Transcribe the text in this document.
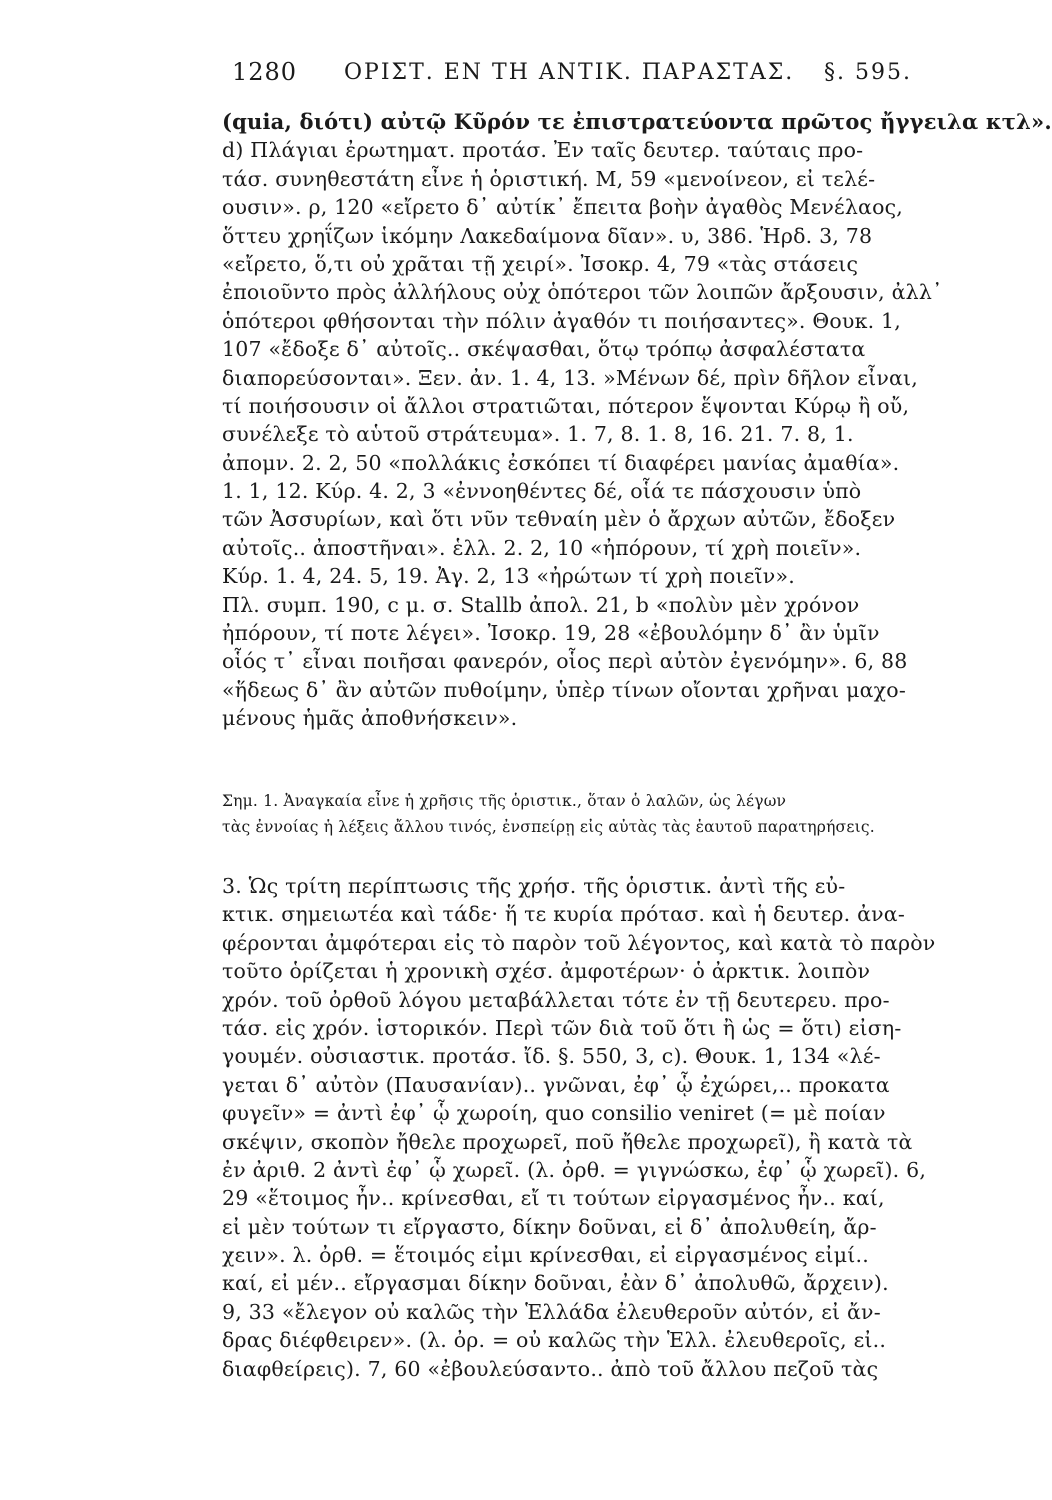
1280 ΟΡΙΣΤ. ΕΝ ΤΗ ΑΝΤΙΚ. ΠΑΡΑΣΤΑΣ. §. 595.
(quia, διότι) αὐτῷ Κῦρόν τε ἐπιστρατεύοντα πρῶτος ἤγγειλα κτλ».
d) Πλάγιαι ἐρωτηματ. προτάσ. Ἐν ταῖς δευτερ. ταύταις προ-
τάσ. συνηθεστάτη εἶνε ἡ ὁριστική. Μ, 59 «μενοίνεον, εἰ τελέ-
ουσιν». ρ, 120 «εἴρετο δ᾽ αὐτίκ᾽ ἔπειτα βοὴν ἀγαθὸς Μενέλαος,
ὅττευ χρηΐζων ἱκόμην Λακεδαίμονα δῖαν». υ, 386. Ἡρδ. 3, 78
«εἴρετο, ὅ,τι οὐ χρᾶται τῇ χειρί». Ἰσοκρ. 4, 79 «τὰς στάσεις
ἐποιοῦντο πρὸς ἀλλήλους οὐχ ὁπότεροι τῶν λοιπῶν ἄρξουσιν, ἀλλ᾽
ὁπότεροι φθήσονται τὴν πόλιν ἀγαθόν τι ποιήσαντες». Θουκ. 1,
107 «ἔδοξε δ᾽ αὐτοῖς.. σκέψασθαι, ὅτῳ τρόπῳ ἀσφαλέστατα
διαπορεύσονται». Ξεν. ἀν. 1. 4, 13. »Μένων δέ, πρὶν δῆλον εἶναι,
τί ποιήσουσιν οἱ ἄλλοι στρατιῶται, πότερον ἕψονται Κύρῳ ἢ οὔ,
συνέλεξε τὸ αὑτοῦ στράτευμα». 1. 7, 8. 1. 8, 16. 21. 7. 8, 1.
ἀπομν. 2. 2, 50 «πολλάκις ἐσκόπει τί διαφέρει μανίας ἀμαθία».
1. 1, 12. Κύρ. 4. 2, 3 «ἐννοηθέντες δέ, οἷά τε πάσχουσιν ὑπὸ
τῶν Ἀσσυρίων, καὶ ὅτι νῦν τεθναίη μὲν ὁ ἄρχων αὐτῶν, ἔδοξεν
αὐτοῖς.. ἀποστῆναι». ἑλλ. 2. 2, 10 «ἠπόρουν, τί χρὴ ποιεῖν».
Κύρ. 1. 4, 24. 5, 19. Ἀγ. 2, 13 «ἠρώτων τί χρὴ ποιεῖν».
Πλ. συμπ. 190, c μ. σ. Stallb ἀπολ. 21, b «πολὺν μὲν χρόνον
ἠπόρουν, τί ποτε λέγει». Ἰσοκρ. 19, 28 «ἐβουλόμην δ᾽ ἂν ὑμῖν
οἷός τ᾽ εἶναι ποιῆσαι φανερόν, οἷος περὶ αὐτὸν ἐγενόμην». 6, 88
«ἥδεως δ᾽ ἂν αὐτῶν πυθοίμην, ὑπὲρ τίνων οἴονται χρῆναι μαχο-
μένους ἡμᾶς ἀποθνήσκειν».
Σημ. 1. Ἀναγκαία εἶνε ἡ χρῆσις τῆς ὁριστικ., ὅταν ὁ λαλῶν, ὡς λέγων
τὰς ἐννοίας ἡ λέξεις ἄλλου τινός, ἐνσπείρῃ εἰς αὐτὰς τὰς ἑαυτοῦ παρατηρήσεις.
3. Ὡς τρίτη περίπτωσις τῆς χρήσ. τῆς ὁριστικ. ἀντὶ τῆς εὐ-
κτικ. σημειωτέα καὶ τάδε· ἥ τε κυρία πρότασ. καὶ ἡ δευτερ. ἀνα-
φέρονται ἀμφότεραι εἰς τὸ παρὸν τοῦ λέγοντος, καὶ κατὰ τὸ παρὸν
τοῦτο ὁρίζεται ἡ χρονικὴ σχέσ. ἀμφοτέρων· ὁ ἀρκτικ. λοιπὸν
χρόν. τοῦ ὀρθοῦ λόγου μεταβάλλεται τότε ἐν τῇ δευτερευ. προ-
τάσ. εἰς χρόν. ἱστορικόν. Περὶ τῶν διὰ τοῦ ὅτι ἢ ὡς = ὅτι) εἰση-
γουμέν. οὐσιαστικ. προτάσ. ἴδ. §. 550, 3, c). Θουκ. 1, 134 «λέ-
γεται δ᾽ αὐτὸν (Παυσανίαν).. γνῶναι, ἐφ᾽ ᾧ ἐχώρει,.. προκατα
φυγεῖν» = ἀντὶ ἐφ᾽ ᾧ χωροίη, quo consilio veniret (= μὲ ποίαν
σκέψιν, σκοπὸν ἤθελε προχωρεῖ, ποῦ ἤθελε προχωρεῖ), ἢ κατὰ τὰ
ἐν ἀριθ. 2 ἀντὶ ἐφ᾽ ᾧ χωρεῖ. (λ. ὀρθ. = γιγνώσκω, ἐφ᾽ ᾧ χωρεῖ). 6,
29 «ἕτοιμος ἦν.. κρίνεσθαι, εἴ τι τούτων εἰργασμένος ἦν.. καί,
εἰ μὲν τούτων τι εἴργαστο, δίκην δοῦναι, εἰ δ᾽ ἀπολυθείη, ἄρ-
χειν». λ. ὀρθ. = ἕτοιμός εἰμι κρίνεσθαι, εἰ εἰργασμένος εἰμί..
καί, εἰ μέν.. εἴργασμαι δίκην δοῦναι, ἐὰν δ᾽ ἀπολυθῶ, ἄρχειν).
9, 33 «ἔλεγον οὐ καλῶς τὴν Ἑλλάδα ἐλευθεροῦν αὐτόν, εἰ ἄν-
δρας διέφθειρεν». (λ. ὀρ. = οὐ καλῶς τὴν Ἑλλ. ἐλευθεροῖς, εἰ..
διαφθείρεις). 7, 60 «ἐβουλεύσαντο.. ἀπὸ τοῦ ἄλλου πεζοῦ τὰς
